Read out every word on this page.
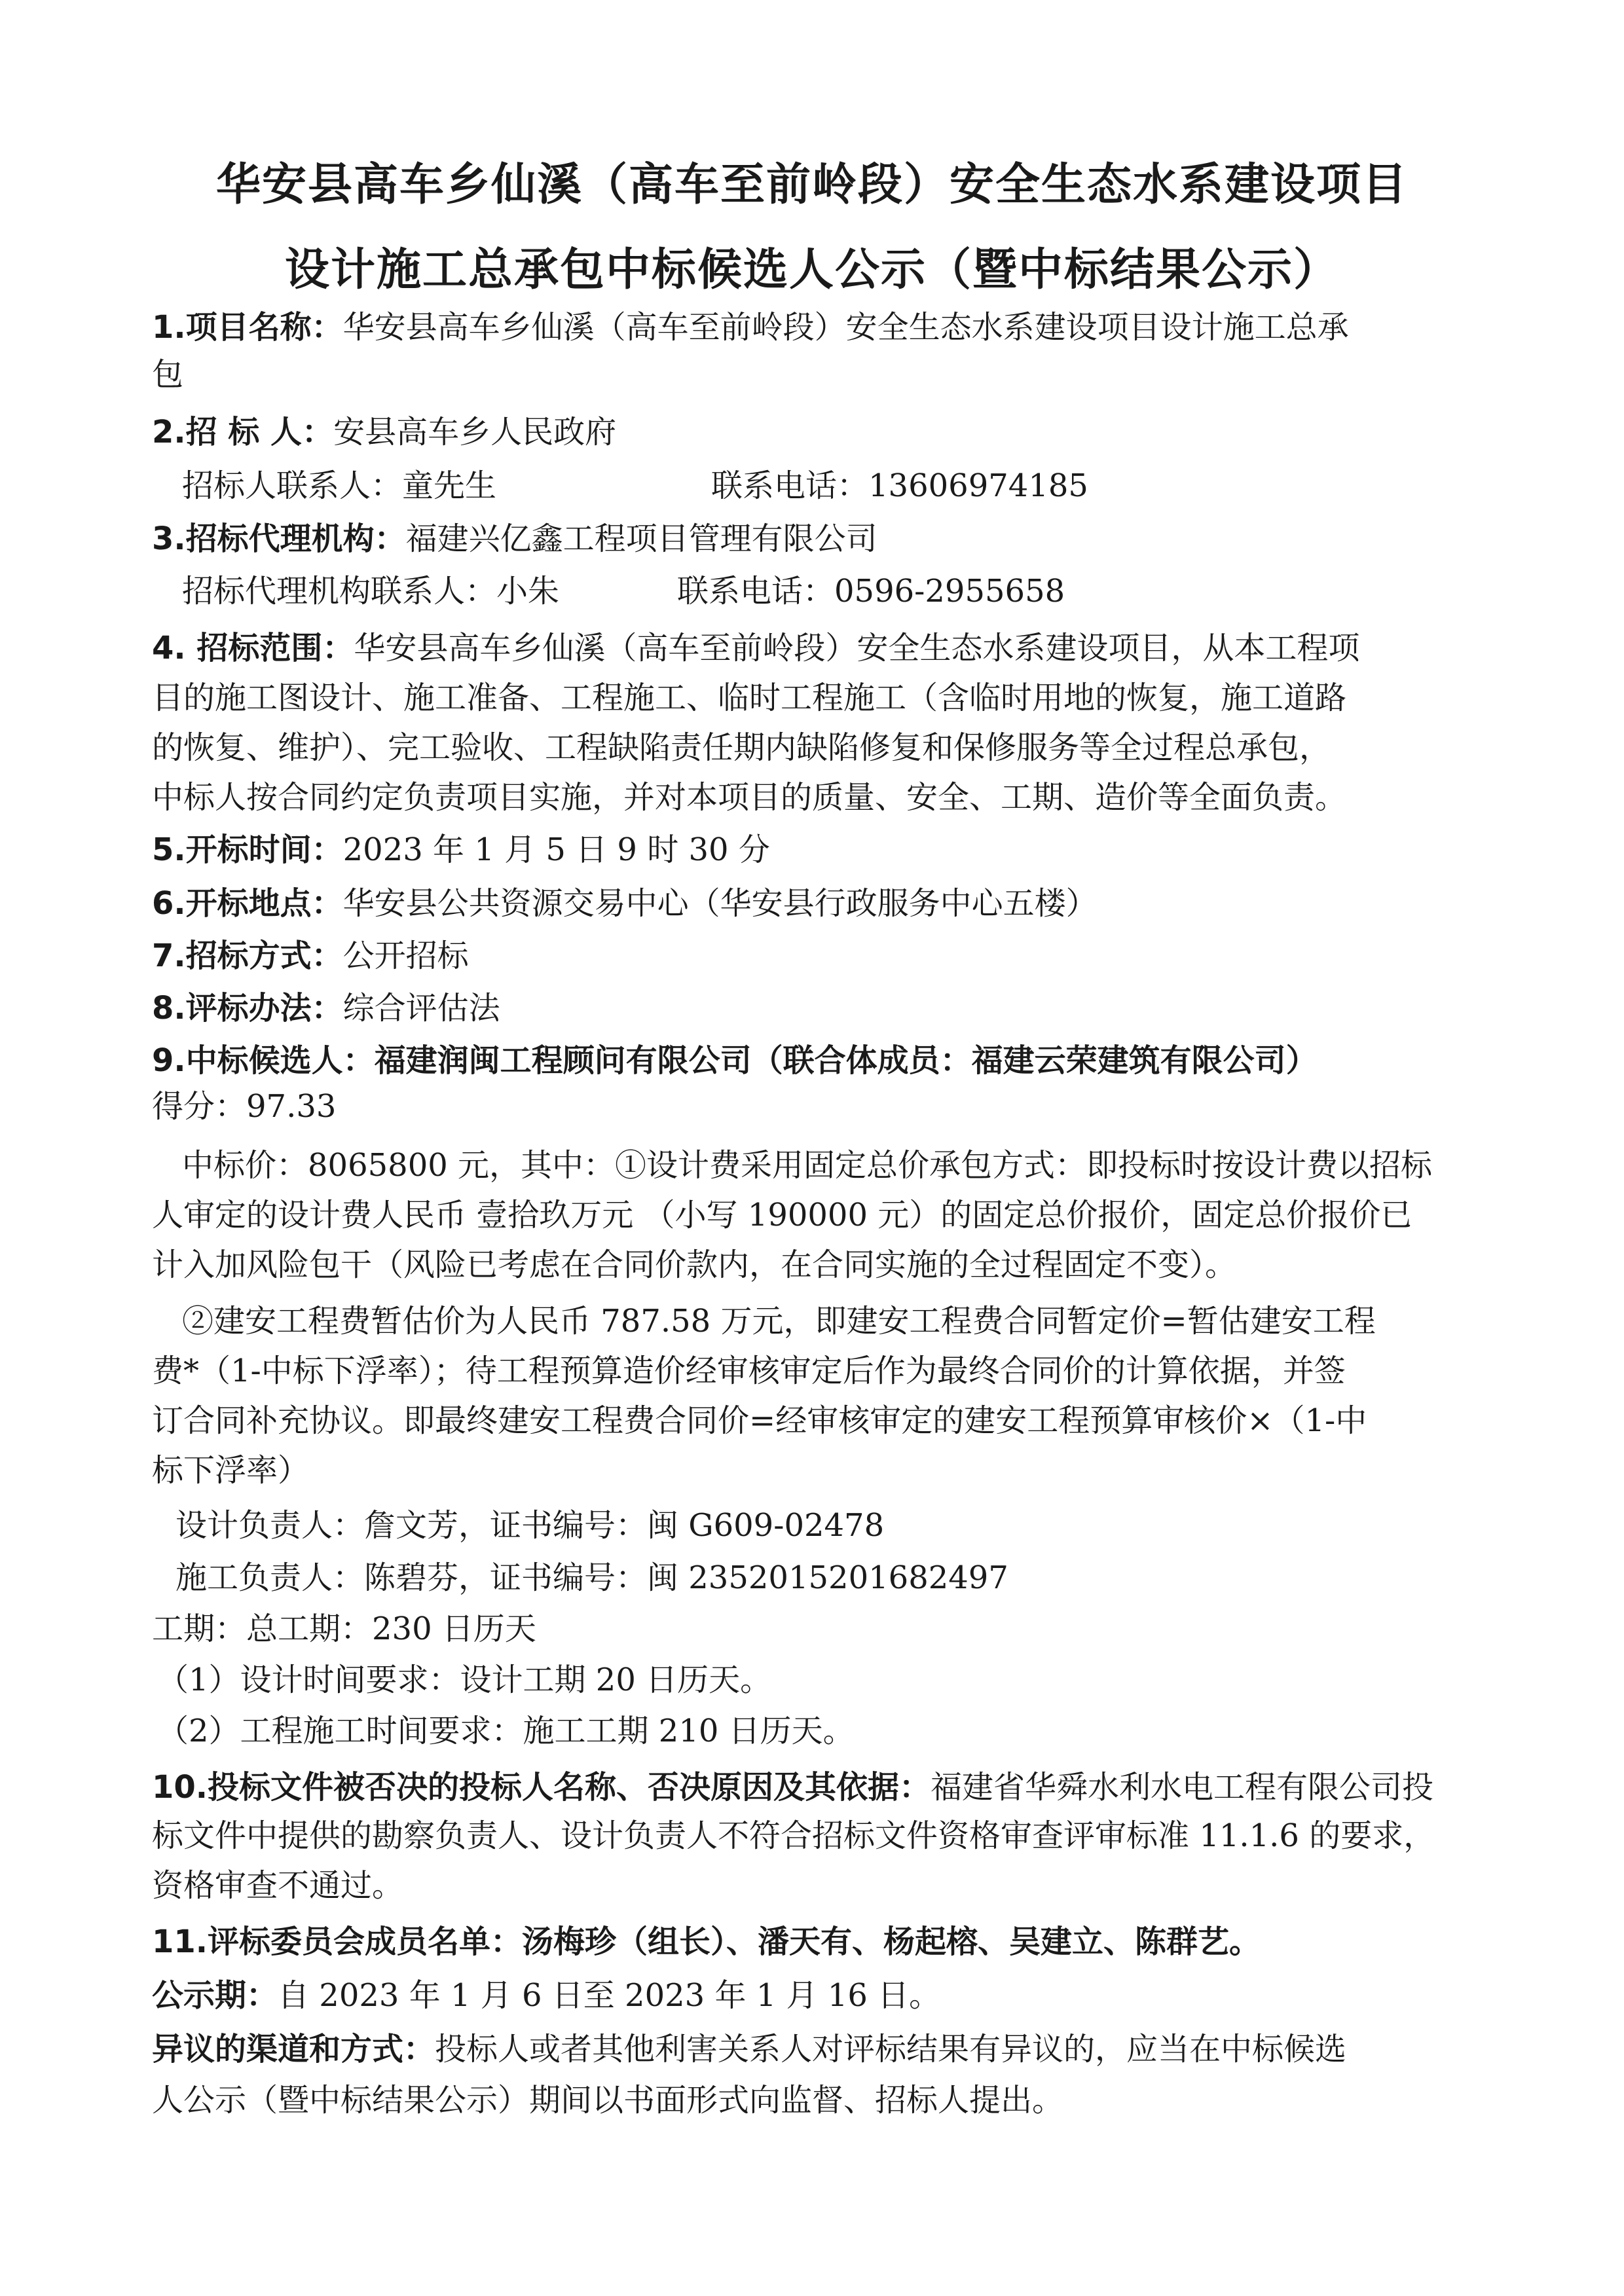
华安县高车乡仙溪（高车至前岭段）安全生态水系建设项目
设计施工总承包中标候选人公示（暨中标结果公示）
1.项目名称：华安县高车乡仙溪（高车至前岭段）安全生态水系建设项目设计施工总承
包
2.招 标 人：安县高车乡人民政府
招标人联系人：童先生	联系电话：13606974185
3.招标代理机构：福建兴亿鑫工程项目管理有限公司
招标代理机构联系人：小朱	联系电话：0596-2955658
4. 招标范围：华安县高车乡仙溪（高车至前岭段）安全生态水系建设项目，从本工程项
目的施工图设计、施工准备、工程施工、临时工程施工（含临时用地的恢复，施工道路
的恢复、维护）、完工验收、工程缺陷责任期内缺陷修复和保修服务等全过程总承包，
中标人按合同约定负责项目实施，并对本项目的质量、安全、工期、造价等全面负责。
5.开标时间：2023 年 1 月 5 日 9 时 30 分
6.开标地点：华安县公共资源交易中心（华安县行政服务中心五楼）
7.招标方式：公开招标
8.评标办法：综合评估法
9.中标候选人：福建润闽工程顾问有限公司（联合体成员：福建云荣建筑有限公司）
得分：97.33
中标价：8065800 元，其中：①设计费采用固定总价承包方式：即投标时按设计费以招标
人审定的设计费人民币 壹拾玖万元 （小写 190000 元）的固定总价报价，固定总价报价已
计入加风险包干（风险已考虑在合同价款内，在合同实施的全过程固定不变）。
②建安工程费暂估价为人民币 787.58 万元，即建安工程费合同暂定价=暂估建安工程
费*（1-中标下浮率）；待工程预算造价经审核审定后作为最终合同价的计算依据，并签
订合同补充协议。即最终建安工程费合同价=经审核审定的建安工程预算审核价×（1-中
标下浮率）
设计负责人：詹文芳，证书编号：闽 G609-02478
施工负责人：陈碧芬，证书编号：闽 2352015201682497
工期：总工期：230 日历天
（1）设计时间要求：设计工期 20 日历天。
（2）工程施工时间要求：施工工期 210 日历天。
10.投标文件被否决的投标人名称、否决原因及其依据：福建省华舜水利水电工程有限公司投
标文件中提供的勘察负责人、设计负责人不符合招标文件资格审查评审标准 11.1.6 的要求，
资格审查不通过。
11.评标委员会成员名单：汤梅珍（组长）、潘天有、杨起榕、吴建立、陈群艺。
公示期：自 2023 年 1 月 6 日至 2023 年 1 月 16 日。
异议的渠道和方式：投标人或者其他利害关系人对评标结果有异议的，应当在中标候选
人公示（暨中标结果公示）期间以书面形式向监督、招标人提出。
